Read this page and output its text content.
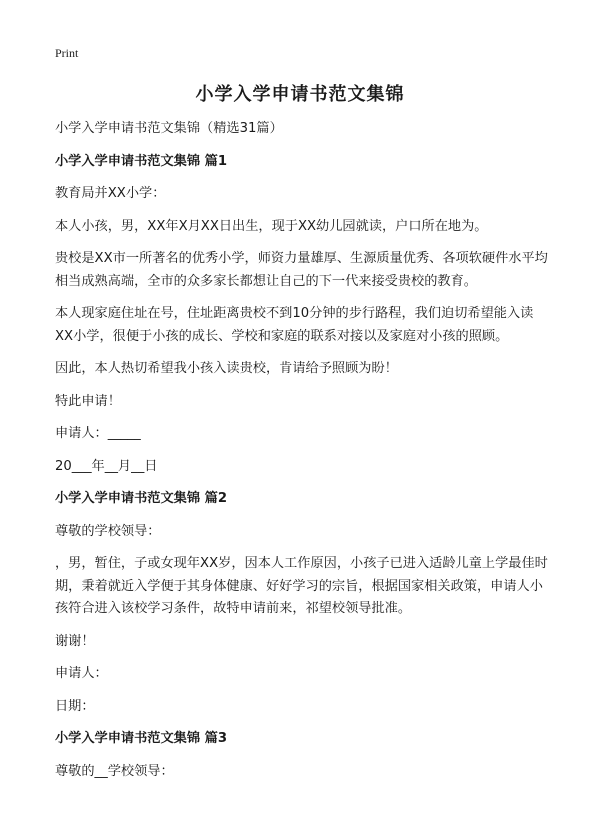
Print
小学入学申请书范文集锦

小学入学申请书范文集锦（精选31篇）

小学入学申请书范文集锦 篇1

教育局并XX小学：

本人小孩，男，XX年X月XX日出生，现于XX幼儿园就读，户口所在地为。

贵校是XX市一所著名的优秀小学，师资力量雄厚、生源质量优秀、各项软硬件水平均相当成熟高端，全市的众多家长都想让自己的下一代来接受贵校的教育。

本人现家庭住址在号，住址距离贵校不到10分钟的步行路程，我们迫切希望能入读XX小学，很便于小孩的成长、学校和家庭的联系对接以及家庭对小孩的照顾。

因此，本人热切希望我小孩入读贵校，肯请给予照顾为盼！

特此申请！

申请人：_____

20___年__月__日

小学入学申请书范文集锦 篇2

尊敬的学校领导：

，男，暂住，子或女现年XX岁，因本人工作原因，小孩子已进入适龄儿童上学最佳时期，秉着就近入学便于其身体健康、好好学习的宗旨，根据国家相关政策，申请人小孩符合进入该校学习条件，故特申请前来，祁望校领导批准。

谢谢！

申请人：

日期：

小学入学申请书范文集锦 篇3

尊敬的__学校领导：
